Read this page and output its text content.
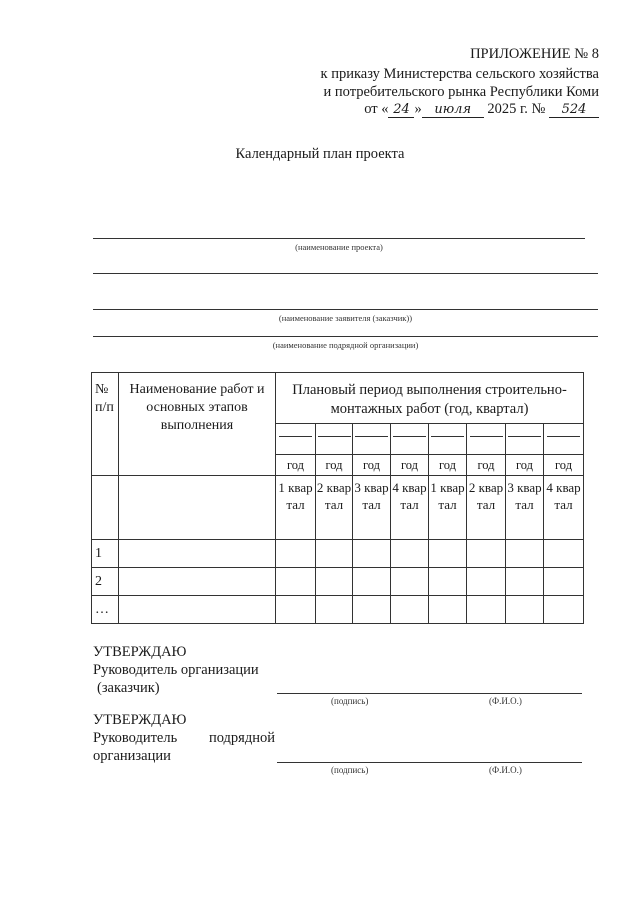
ПРИЛОЖЕНИЕ № 8
к приказу Министерства сельского хозяйства
и потребительского рынка Республики Коми
от « 24 » июля 2025 г. № 524
Календарный план проекта
(наименование проекта)
(наименование заявителя (заказчик))
(наименование подрядной организации)
№ п/п	Наименование работ и основных этапов выполнения	Плановый период выполнения строительно-монтажных работ (год, квартал)							

		год	год	год	год	год	год	год	год
		1 квар тал	2 квар тал	3 квар тал	4 квар тал	1 квар тал	2 квар тал	3 квар тал	4 квар тал
1									
2									
…									
УТВЕРЖДАЮ
Руководитель организации
(заказчик)
(подпись)	(Ф.И.О.)
УТВЕРЖДАЮ
Руководитель подрядной
организации
(подпись)	(Ф.И.О.)
